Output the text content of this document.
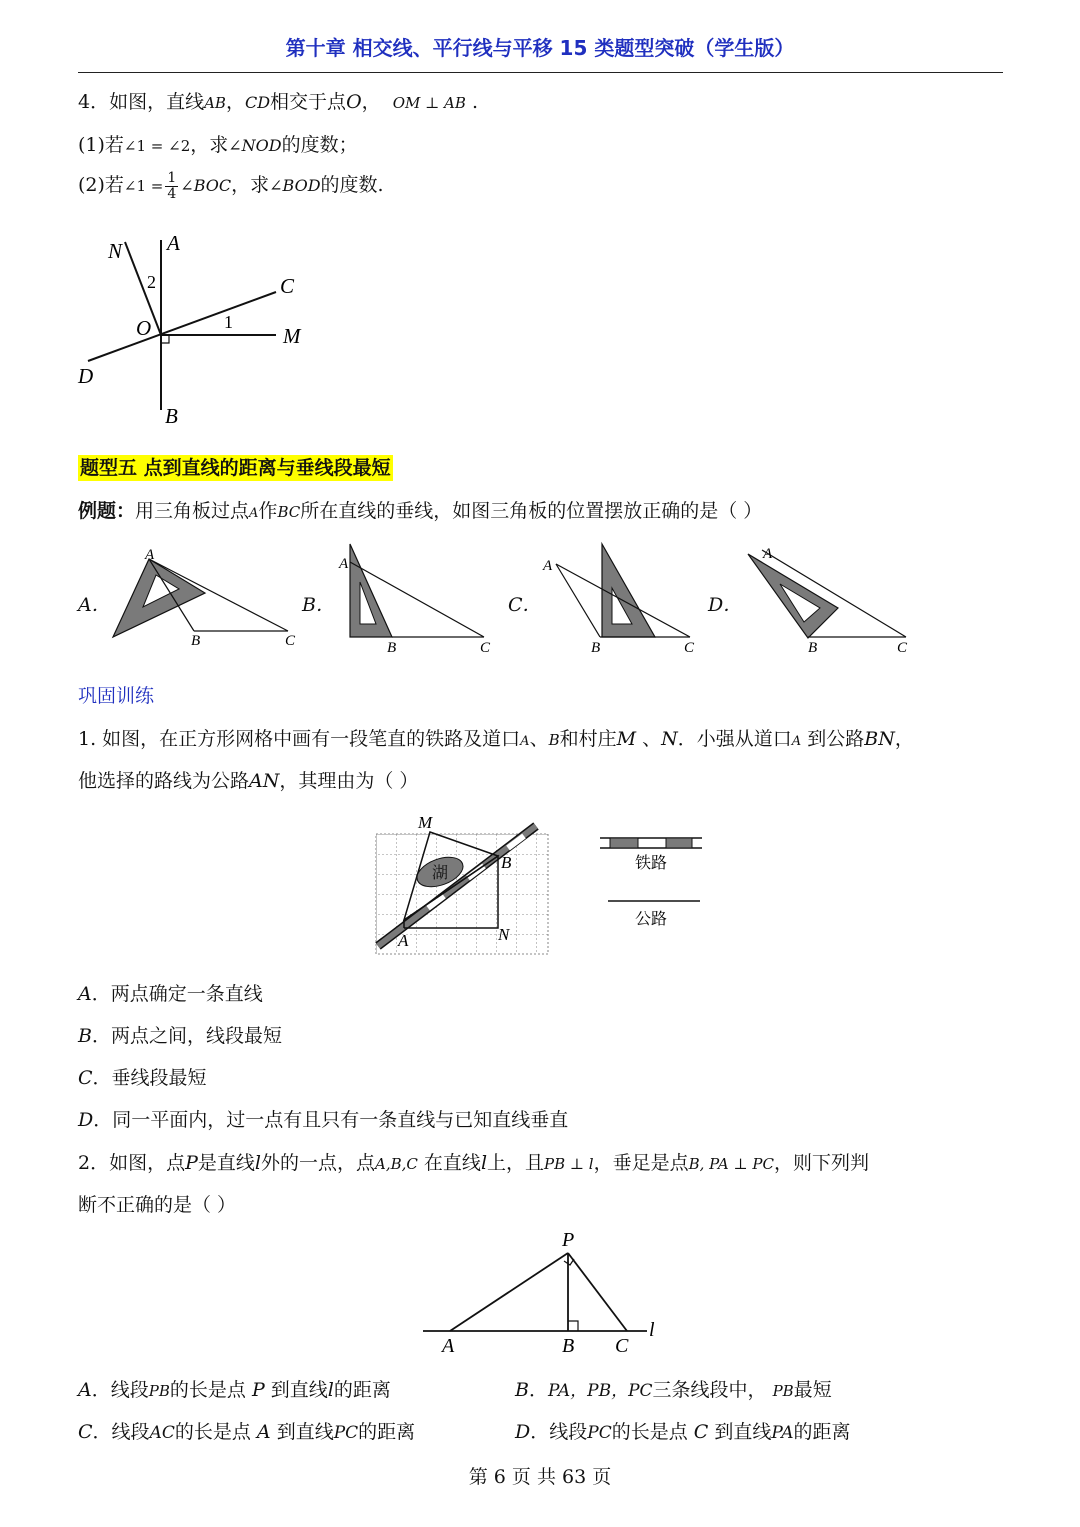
第十章 相交线、平行线与平移 15 类题型突破（学生版）
4．如图，直线AB，CD相交于点O， OM ⊥ AB .
(1)若∠1 = ∠2，求∠NOD的度数；
(2)若∠1 = $\frac{1}{4}$ ∠BOC，求∠BOD的度数.
N A
C
O	M
D
B
1
2
题型五 点到直线的距离与垂线段最短
例题：用三角板过点A作BC所在直线的垂线，如图三角板的位置摆放正确的是（ ）
A．
A
B	C
B．
A
B	C
C．
A
B	C
D．
A
B	C
巩固训练
1. 如图，在正方形网格中画有一段笔直的铁路及道口A、B和村庄M 、N．小强从道口A 到公路BN，
他选择的路线为公路AN，其理由为（ ）
湖
M
B
A	N
铁路
公路
A．两点确定一条直线
B．两点之间，线段最短
C．垂线段最短
D．同一平面内，过一点有且只有一条直线与已知直线垂直
2．如图，点P是直线l外的一点，点A,B,C 在直线l上，且PB ⊥ l，垂足是点B, PA ⊥ PC，则下列判
断不正确的是（ ）
P
A	B C
l
A．线段PB的长是点 P 到直线l的距离	B．PA，PB，PC三条线段中， PB最短
C．线段AC的长是点 A 到直线PC的距离	D．线段PC的长是点 C 到直线PA的距离
第 6 页 共 63 页
